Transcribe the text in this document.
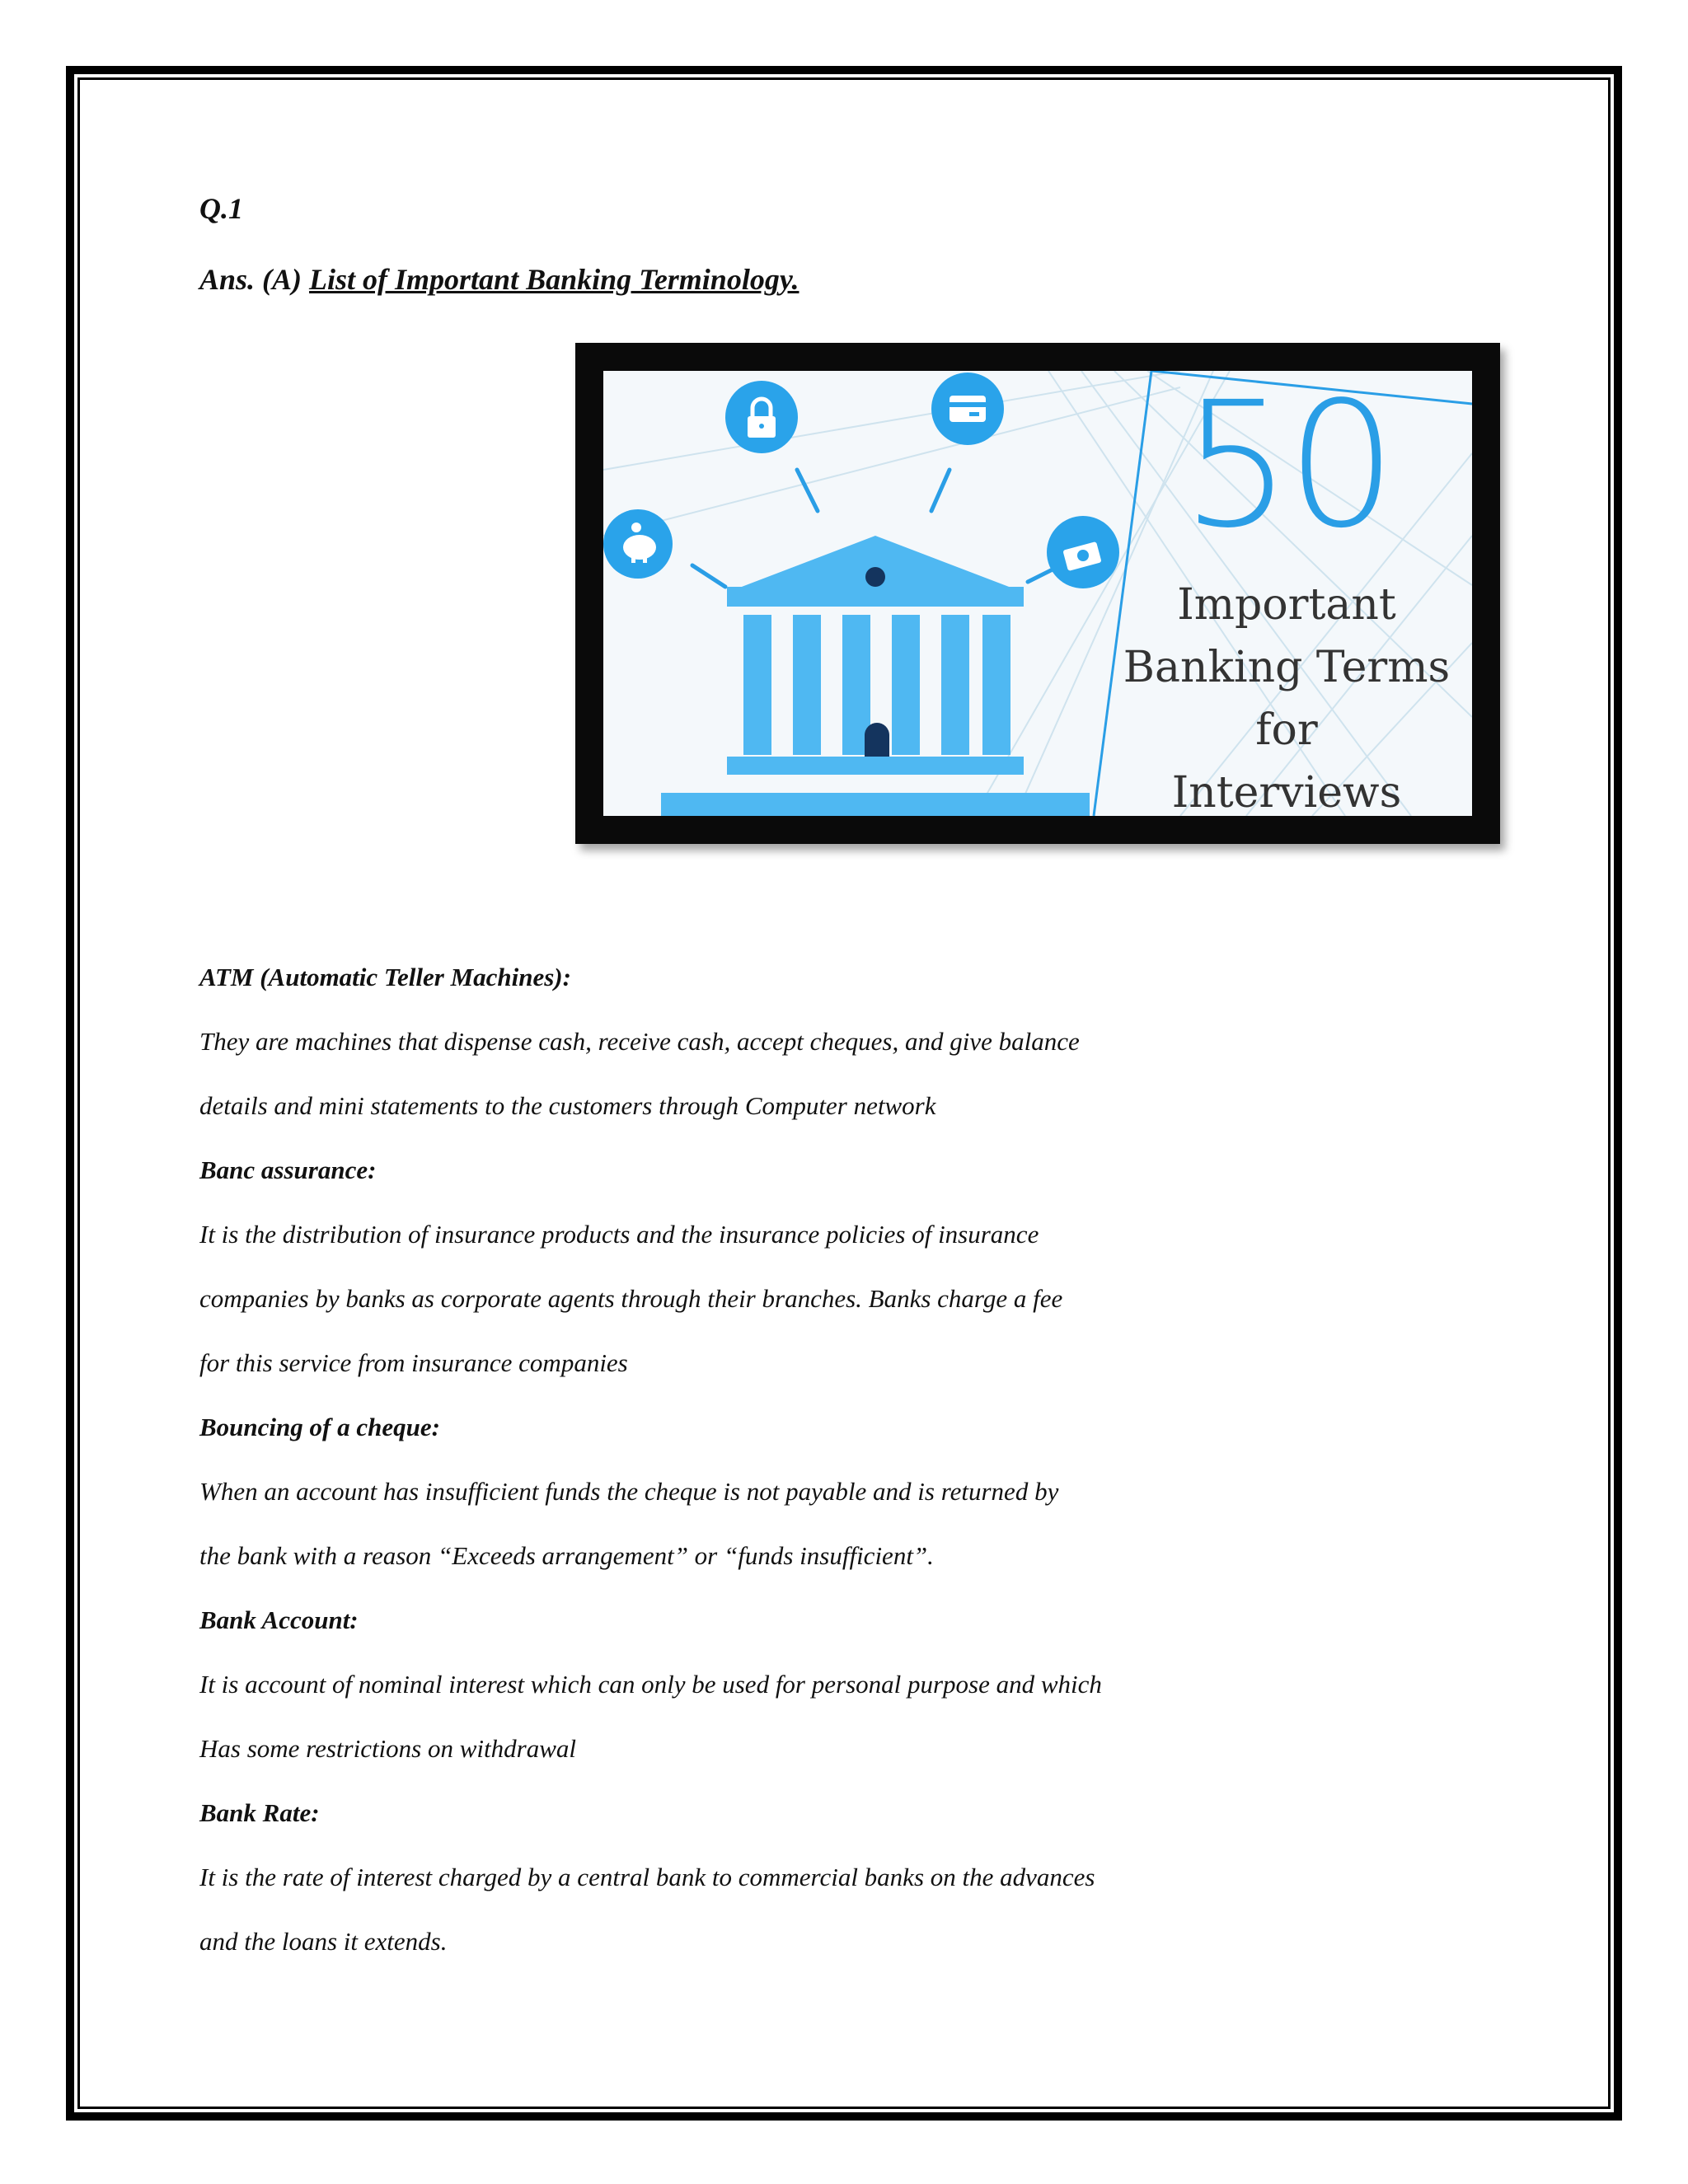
Q.1
Ans. (A) List of Important Banking Terminology.
50
Important
Banking Terms
for
Interviews
ATM (Automatic Teller Machines):
They are machines that dispense cash, receive cash, accept cheques, and give balance
details and mini statements to the customers through Computer network
Banc assurance:
It is the distribution of insurance products and the insurance policies of insurance
companies by banks as corporate agents through their branches. Banks charge a fee
for this service from insurance companies
Bouncing of a cheque:
When an account has insufficient funds the cheque is not payable and is returned by
the bank with a reason “Exceeds arrangement” or “funds insufficient”.
Bank Account:
It is account of nominal interest which can only be used for personal purpose and which
Has some restrictions on withdrawal
Bank Rate:
It is the rate of interest charged by a central bank to commercial banks on the advances
and the loans it extends.
